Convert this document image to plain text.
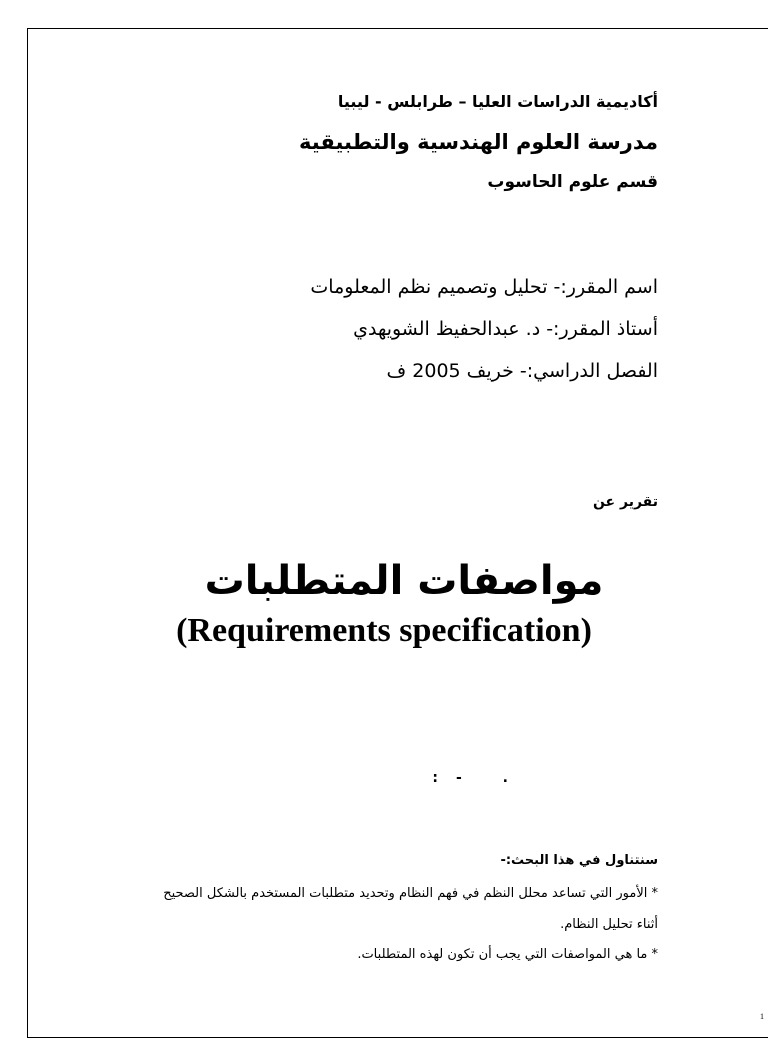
أكاديمية الدراسات العليا – طرابلس - ليبيا
مدرسة العلوم الهندسية والتطبيقية
قسم علوم الحاسوب
اسم المقرر:- تحليل وتصميم نظم المعلومات
أستاذ المقرر:- د. عبدالحفيظ الشويهدي
الفصل الدراسي:- خريف 2005 ف
تقرير عن
مواصفات المتطلبات
(Requirements specification)
. -:
سنتناول في هذا البحث:-
* الأمور التي تساعد محلل النظم في فهم النظام وتحديد متطلبات المستخدم بالشكل الصحيح
أثناء تحليل النظام.
* ما هي المواصفات التي يجب أن تكون لهذه المتطلبات.
1
